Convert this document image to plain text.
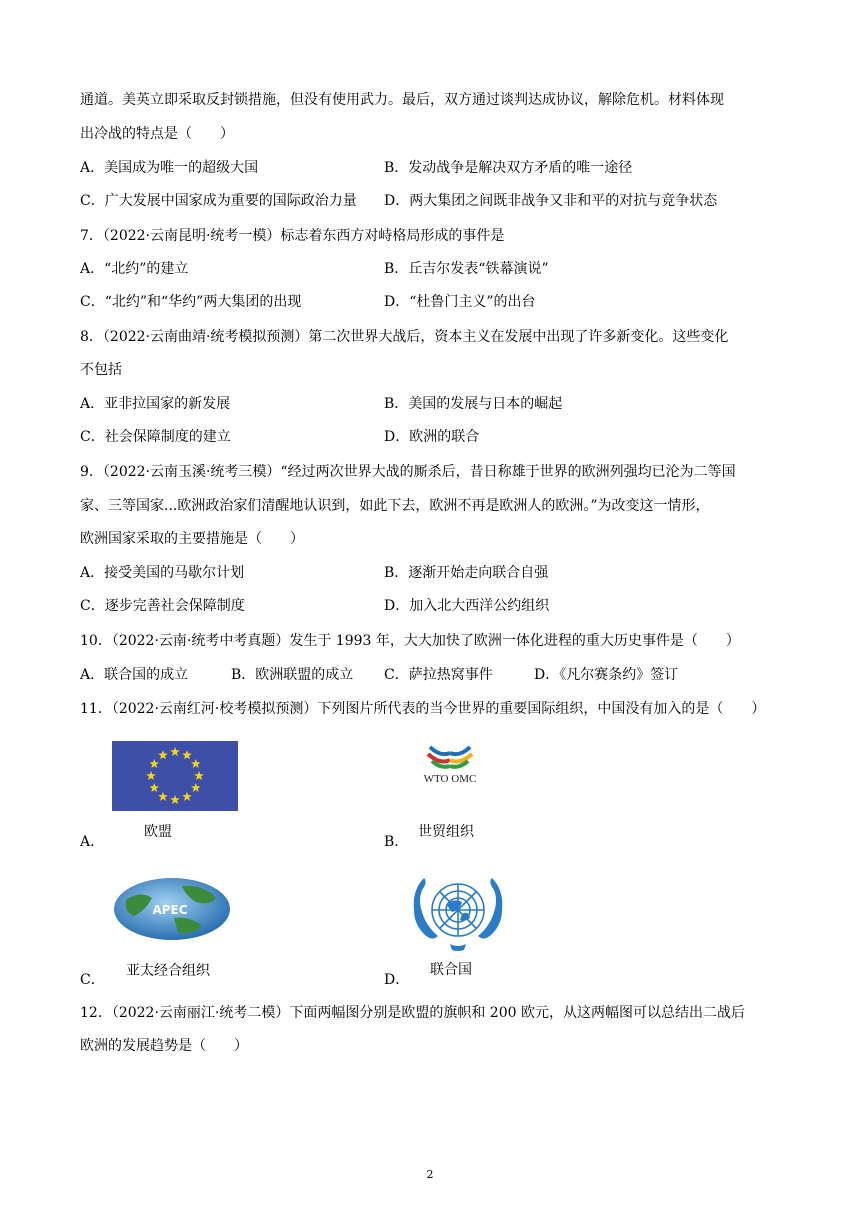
通道。美英立即采取反封锁措施，但没有使用武力。最后，双方通过谈判达成协议，解除危机。材料体现
出冷战的特点是（　　）
A．美国成为唯一的超级大国	B．发动战争是解决双方矛盾的唯一途径
C．广大发展中国家成为重要的国际政治力量 D．两大集团之间既非战争又非和平的对抗与竞争状态
7．（2022·云南昆明·统考一模）标志着东西方对峙格局形成的事件是
A．“北约”的建立	B．丘吉尔发表“铁幕演说”
C．“北约”和“华约”两大集团的出现	D．“杜鲁门主义”的出台
8．（2022·云南曲靖·统考模拟预测）第二次世界大战后，资本主义在发展中出现了许多新变化。这些变化
不包括
A．亚非拉国家的新发展	B．美国的发展与日本的崛起
C．社会保障制度的建立	D．欧洲的联合
9．（2022·云南玉溪·统考三模）“经过两次世界大战的厮杀后，昔日称雄于世界的欧洲列强均已沦为二等国
家、三等国家...欧洲政治家们清醒地认识到，如此下去，欧洲不再是欧洲人的欧洲。”为改变这一情形，
欧洲国家采取的主要措施是（　　）
A．接受美国的马歇尔计划	B．逐渐开始走向联合自强
C．逐步完善社会保障制度	D．加入北大西洋公约组织
10．（2022·云南·统考中考真题）发生于 1993 年，大大加快了欧洲一体化进程的重大历史事件是（　　）
A．联合国的成立	B．欧洲联盟的成立 C．萨拉热窝事件	D．《凡尔赛条约》签订
11．（2022·云南红河·校考模拟预测）下列图片所代表的当今世界的重要国际组织，中国没有加入的是（　　）
A．
欧盟
WTO OMC
B．
世贸组织
APEC
C．
亚太经合组织
D．
联合国
12．（2022·云南丽江·统考二模）下面两幅图分别是欧盟的旗帜和 200 欧元，从这两幅图可以总结出二战后
欧洲的发展趋势是（　　）
2
